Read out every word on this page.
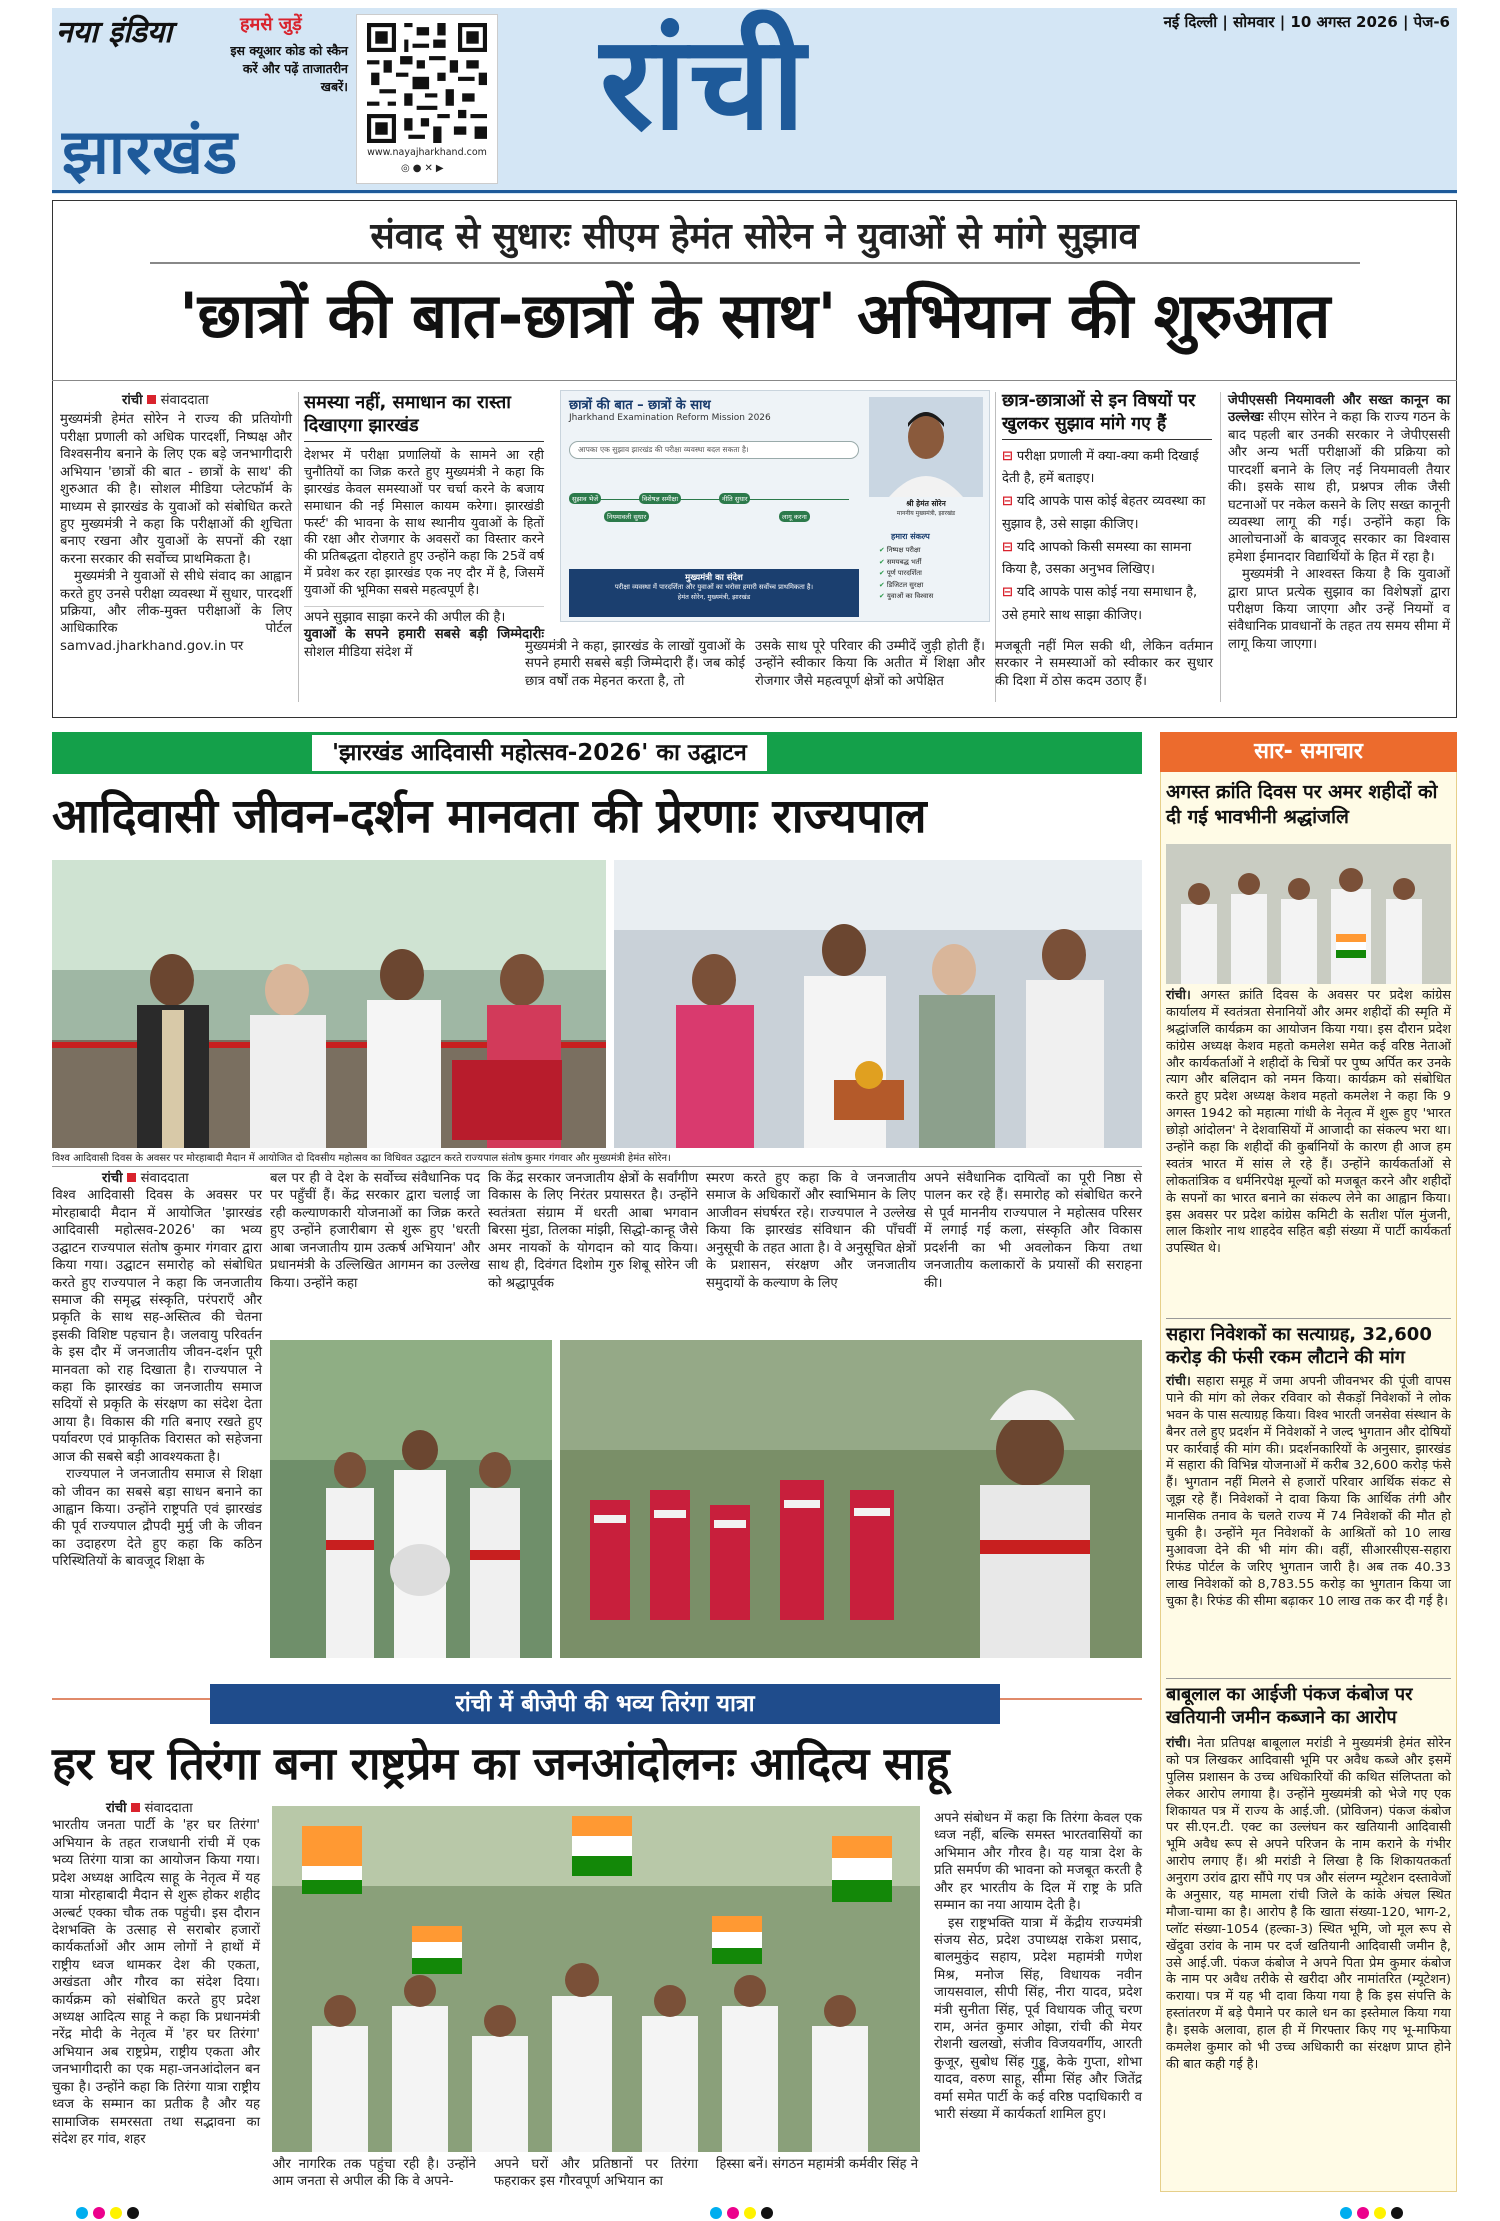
नया इंडिया
झारखंड
हमसे जुड़ें
इस क्यूआर कोड को स्कैन करें और पढ़ें ताजातरीन खबरें।
www.nayajharkhand.com
◎●✕▶
रांची	नई दिल्ली | सोमवार | 10 अगस्त 2026 | पेज-6
संवाद से सुधारः सीएम हेमंत सोरेन ने युवाओं से मांगे सुझाव
'छात्रों की बात-छात्रों के साथ' अभियान की शुरुआत
रांची संवाददाता
मुख्यमंत्री हेमंत सोरेन ने राज्य की प्रतियोगी परीक्षा प्रणाली को अधिक पारदर्शी, निष्पक्ष और विश्वसनीय बनाने के लिए एक बड़े जनभागीदारी अभियान 'छात्रों की बात - छात्रों के साथ' की शुरुआत की है। सोशल मीडिया प्लेटफॉर्म के माध्यम से झारखंड के युवाओं को संबोधित करते हुए मुख्यमंत्री ने कहा कि परीक्षाओं की शुचिता बनाए रखना और युवाओं के सपनों की रक्षा करना सरकार की सर्वोच्च प्राथमिकता है।
मुख्यमंत्री ने युवाओं से सीधे संवाद का आह्वान करते हुए उनसे परीक्षा व्यवस्था में सुधार, पारदर्शी प्रक्रिया, और लीक-मुक्त परीक्षाओं के लिए आधिकारिक पोर्टल samvad.jharkhand.gov.in पर
समस्या नहीं, समाधान का रास्ता दिखाएगा झारखंड
देशभर में परीक्षा प्रणालियों के सामने आ रही चुनौतियों का जिक्र करते हुए मुख्यमंत्री ने कहा कि झारखंड केवल समस्याओं पर चर्चा करने के बजाय समाधान की नई मिसाल कायम करेगा। झारखंडी फर्स्ट' की भावना के साथ स्थानीय युवाओं के हितों की रक्षा और रोजगार के अवसरों का विस्तार करने की प्रतिबद्धता दोहराते हुए उन्होंने कहा कि 25वें वर्ष में प्रवेश कर रहा झारखंड एक नए दौर में है, जिसमें युवाओं की भूमिका सबसे महत्वपूर्ण है।
अपने सुझाव साझा करने की अपील की है।
युवाओं के सपने हमारी सबसे बड़ी जिम्मेदारीः सोशल मीडिया संदेश में
छात्रों की बात – छात्रों के साथ
Jharkhand Examination Reform Mission 2026
आपका एक सुझाव झारखंड की परीक्षा व्यवस्था बदल सकता है।
सुझाव भेजें	विशेषज्ञ समीक्षा	नीति सुधार
नियमावली सुधार	लागू करना
मुख्यमंत्री का संदेश
परीक्षा व्यवस्था में पारदर्शिता और युवाओं का भरोसा हमारी सर्वोच्च प्राथमिकता है।
हेमंत सोरेन, मुख्यमंत्री, झारखंड
श्री हेमंत सोरेन
माननीय मुख्यमंत्री, झारखंड
हमारा संकल्प
✔ निष्पक्ष परीक्षा
✔ समयबद्ध भर्ती
✔ पूर्ण पारदर्शिता
✔ डिजिटल सुरक्षा
✔ युवाओं का विश्वास
मुख्यमंत्री ने कहा, झारखंड के लाखों युवाओं के सपने हमारी सबसे बड़ी जिम्मेदारी हैं। जब कोई छात्र वर्षों तक मेहनत करता है, तो
उसके साथ पूरे परिवार की उम्मीदें जुड़ी होती हैं। उन्होंने स्वीकार किया कि अतीत में शिक्षा और रोजगार जैसे महत्वपूर्ण क्षेत्रों को अपेक्षित
छात्र-छात्राओं से इन विषयों पर खुलकर सुझाव मांगे गए हैं
⊟ परीक्षा प्रणाली में क्या-क्या कमी दिखाई देती है, हमें बताइए।
⊟ यदि आपके पास कोई बेहतर व्यवस्था का सुझाव है, उसे साझा कीजिए।
⊟ यदि आपको किसी समस्या का सामना किया है, उसका अनुभव लिखिए।
⊟ यदि आपके पास कोई नया समाधान है, उसे हमारे साथ साझा कीजिए।
मजबूती नहीं मिल सकी थी, लेकिन वर्तमान सरकार ने समस्याओं को स्वीकार कर सुधार की दिशा में ठोस कदम उठाए हैं।
जेपीएससी नियमावली और सख्त कानून का उल्लेखः सीएम सोरेन ने कहा कि राज्य गठन के बाद पहली बार उनकी सरकार ने जेपीएससी और अन्य भर्ती परीक्षाओं की प्रक्रिया को पारदर्शी बनाने के लिए नई नियमावली तैयार की। इसके साथ ही, प्रश्नपत्र लीक जैसी घटनाओं पर नकेल कसने के लिए सख्त कानूनी व्यवस्था लागू की गई। उन्होंने कहा कि आलोचनाओं के बावजूद सरकार का विश्वास हमेशा ईमानदार विद्यार्थियों के हित में रहा है।
मुख्यमंत्री ने आश्वस्त किया है कि युवाओं द्वारा प्राप्त प्रत्येक सुझाव का विशेषज्ञों द्वारा परीक्षण किया जाएगा और उन्हें नियमों व संवैधानिक प्रावधानों के तहत तय समय सीमा में लागू किया जाएगा।
'झारखंड आदिवासी महोत्सव-2026' का उद्घाटन
आदिवासी जीवन-दर्शन मानवता की प्रेरणाः राज्यपाल
विश्व आदिवासी दिवस के अवसर पर मोरहाबादी मैदान में आयोजित दो दिवसीय महोत्सव का विधिवत उद्घाटन करते राज्यपाल संतोष कुमार गंगवार और मुख्यमंत्री हेमंत सोरेन।
रांची संवाददाता
विश्व आदिवासी दिवस के अवसर पर मोरहाबादी मैदान में आयोजित 'झारखंड आदिवासी महोत्सव-2026' का भव्य उद्घाटन राज्यपाल संतोष कुमार गंगवार द्वारा किया गया। उद्घाटन समारोह को संबोधित करते हुए राज्यपाल ने कहा कि जनजातीय समाज की समृद्ध संस्कृति, परंपराएँ और प्रकृति के साथ सह-अस्तित्व की चेतना इसकी विशिष्ट पहचान है। जलवायु परिवर्तन के इस दौर में जनजातीय जीवन-दर्शन पूरी मानवता को राह दिखाता है। राज्यपाल ने कहा कि झारखंड का जनजातीय समाज सदियों से प्रकृति के संरक्षण का संदेश देता आया है। विकास की गति बनाए रखते हुए पर्यावरण एवं प्राकृतिक विरासत को सहेजना आज की सबसे बड़ी आवश्यकता है।
राज्यपाल ने जनजातीय समाज से शिक्षा को जीवन का सबसे बड़ा साधन बनाने का आह्वान किया। उन्होंने राष्ट्रपति एवं झारखंड की पूर्व राज्यपाल द्रौपदी मुर्मु जी के जीवन का उदाहरण देते हुए कहा कि कठिन परिस्थितियों के बावजूद शिक्षा के
बल पर ही वे देश के सर्वोच्च संवैधानिक पद पर पहुँचीं हैं। केंद्र सरकार द्वारा चलाई जा रही कल्याणकारी योजनाओं का जिक्र करते हुए उन्होंने हजारीबाग से शुरू हुए 'धरती आबा जनजातीय ग्राम उत्कर्ष अभियान' और प्रधानमंत्री के उल्लिखित आगमन का उल्लेख किया। उन्होंने कहा
कि केंद्र सरकार जनजातीय क्षेत्रों के सर्वांगीण विकास के लिए निरंतर प्रयासरत है। उन्होंने स्वतंत्रता संग्राम में धरती आबा भगवान बिरसा मुंडा, तिलका मांझी, सिद्धो-कान्हू जैसे अमर नायकों के योगदान को याद किया। साथ ही, दिवंगत दिशोम गुरु शिबू सोरेन जी को श्रद्धापूर्वक
स्मरण करते हुए कहा कि वे जनजातीय समाज के अधिकारों और स्वाभिमान के लिए आजीवन संघर्षरत रहे। राज्यपाल ने उल्लेख किया कि झारखंड संविधान की पाँचवीं अनुसूची के तहत आता है। वे अनुसूचित क्षेत्रों के प्रशासन, संरक्षण और जनजातीय समुदायों के कल्याण के लिए
अपने संवैधानिक दायित्वों का पूरी निष्ठा से पालन कर रहे हैं। समारोह को संबोधित करने से पूर्व माननीय राज्यपाल ने महोत्सव परिसर में लगाई गई कला, संस्कृति और विकास प्रदर्शनी का भी अवलोकन किया तथा जनजातीय कलाकारों के प्रयासों की सराहना की।
रांची में बीजेपी की भव्य तिरंगा यात्रा
हर घर तिरंगा बना राष्ट्रप्रेम का जनआंदोलनः आदित्य साहू
रांची संवाददाता
भारतीय जनता पार्टी के 'हर घर तिरंगा' अभियान के तहत राजधानी रांची में एक भव्य तिरंगा यात्रा का आयोजन किया गया। प्रदेश अध्यक्ष आदित्य साहू के नेतृत्व में यह यात्रा मोरहाबादी मैदान से शुरू होकर शहीद अल्बर्ट एक्का चौक तक पहुंची। इस दौरान देशभक्ति के उत्साह से सराबोर हजारों कार्यकर्ताओं और आम लोगों ने हाथों में राष्ट्रीय ध्वज थामकर देश की एकता, अखंडता और गौरव का संदेश दिया। कार्यक्रम को संबोधित करते हुए प्रदेश अध्यक्ष आदित्य साहू ने कहा कि प्रधानमंत्री नरेंद्र मोदी के नेतृत्व में 'हर घर तिरंगा' अभियान अब राष्ट्रप्रेम, राष्ट्रीय एकता और जनभागीदारी का एक महा-जनआंदोलन बन चुका है। उन्होंने कहा कि तिरंगा यात्रा राष्ट्रीय ध्वज के सम्मान का प्रतीक है और यह सामाजिक समरसता तथा सद्भावना का संदेश हर गांव, शहर
और नागरिक तक पहुंचा रही है। उन्होंने आम जनता से अपील की कि वे अपने-
अपने घरों और प्रतिष्ठानों पर तिरंगा फहराकर इस गौरवपूर्ण अभियान का
हिस्सा बनें। संगठन महामंत्री कर्मवीर सिंह ने
अपने संबोधन में कहा कि तिरंगा केवल एक ध्वज नहीं, बल्कि समस्त भारतवासियों का अभिमान और गौरव है। यह यात्रा देश के प्रति समर्पण की भावना को मजबूत करती है और हर भारतीय के दिल में राष्ट्र के प्रति सम्मान का नया आयाम देती है।
इस राष्ट्रभक्ति यात्रा में केंद्रीय राज्यमंत्री संजय सेठ, प्रदेश उपाध्यक्ष राकेश प्रसाद, बालमुकुंद सहाय, प्रदेश महामंत्री गणेश मिश्र, मनोज सिंह, विधायक नवीन जायसवाल, सीपी सिंह, नीरा यादव, प्रदेश मंत्री सुनीता सिंह, पूर्व विधायक जीतू चरण राम, अनंत कुमार ओझा, रांची की मेयर रोशनी खलखो, संजीव विजयवर्गीय, आरती कुजूर, सुबोध सिंह गुड्डू, केके गुप्ता, शोभा यादव, वरुण साहू, सीमा सिंह और जितेंद्र वर्मा समेत पार्टी के कई वरिष्ठ पदाधिकारी व भारी संख्या में कार्यकर्ता शामिल हुए।
सार- समाचार
अगस्त क्रांति दिवस पर अमर शहीदों को दी गई भावभीनी श्रद्धांजलि
रांची। अगस्त क्रांति दिवस के अवसर पर प्रदेश कांग्रेस कार्यालय में स्वतंत्रता सेनानियों और अमर शहीदों की स्मृति में श्रद्धांजलि कार्यक्रम का आयोजन किया गया। इस दौरान प्रदेश कांग्रेस अध्यक्ष केशव महतो कमलेश समेत कई वरिष्ठ नेताओं और कार्यकर्ताओं ने शहीदों के चित्रों पर पुष्प अर्पित कर उनके त्याग और बलिदान को नमन किया। कार्यक्रम को संबोधित करते हुए प्रदेश अध्यक्ष केशव महतो कमलेश ने कहा कि 9 अगस्त 1942 को महात्मा गांधी के नेतृत्व में शुरू हुए 'भारत छोड़ो आंदोलन' ने देशवासियों में आजादी का संकल्प भरा था। उन्होंने कहा कि शहीदों की कुर्बानियों के कारण ही आज हम स्वतंत्र भारत में सांस ले रहे हैं। उन्होंने कार्यकर्ताओं से लोकतांत्रिक व धर्मनिरपेक्ष मूल्यों को मजबूत करने और शहीदों के सपनों का भारत बनाने का संकल्प लेने का आह्वान किया। इस अवसर पर प्रदेश कांग्रेस कमिटी के सतीश पॉल मुंजनी, लाल किशोर नाथ शाहदेव सहित बड़ी संख्या में पार्टी कार्यकर्ता उपस्थित थे।
सहारा निवेशकों का सत्याग्रह, 32,600 करोड़ की फंसी रकम लौटाने की मांग
रांची। सहारा समूह में जमा अपनी जीवनभर की पूंजी वापस पाने की मांग को लेकर रविवार को सैकड़ों निवेशकों ने लोक भवन के पास सत्याग्रह किया। विश्व भारती जनसेवा संस्थान के बैनर तले हुए प्रदर्शन में निवेशकों ने जल्द भुगतान और दोषियों पर कार्रवाई की मांग की। प्रदर्शनकारियों के अनुसार, झारखंड में सहारा की विभिन्न योजनाओं में करीब 32,600 करोड़ फंसे हैं। भुगतान नहीं मिलने से हजारों परिवार आर्थिक संकट से जूझ रहे हैं। निवेशकों ने दावा किया कि आर्थिक तंगी और मानसिक तनाव के चलते राज्य में 74 निवेशकों की मौत हो चुकी है। उन्होंने मृत निवेशकों के आश्रितों को 10 लाख मुआवजा देने की भी मांग की। वहीं, सीआरसीएस-सहारा रिफंड पोर्टल के जरिए भुगतान जारी है। अब तक 40.33 लाख निवेशकों को 8,783.55 करोड़ का भुगतान किया जा चुका है। रिफंड की सीमा बढ़ाकर 10 लाख तक कर दी गई है।
बाबूलाल का आईजी पंकज कंबोज पर खतियानी जमीन कब्जाने का आरोप
रांची। नेता प्रतिपक्ष बाबूलाल मरांडी ने मुख्यमंत्री हेमंत सोरेन को पत्र लिखकर आदिवासी भूमि पर अवैध कब्जे और इसमें पुलिस प्रशासन के उच्च अधिकारियों की कथित संलिप्तता को लेकर आरोप लगाया है। उन्होंने मुख्यमंत्री को भेजे गए एक शिकायत पत्र में राज्य के आई.जी. (प्रोविजन) पंकज कंबोज पर सी.एन.टी. एक्ट का उल्लंघन कर खतियानी आदिवासी भूमि अवैध रूप से अपने परिजन के नाम कराने के गंभीर आरोप लगाए हैं। श्री मरांडी ने लिखा है कि शिकायतकर्ता अनुराग उरांव द्वारा सौंपे गए पत्र और संलग्न म्यूटेशन दस्तावेजों के अनुसार, यह मामला रांची जिले के कांके अंचल स्थित मौजा-चामा का है। आरोप है कि खाता संख्या-120, भाग-2, प्लॉट संख्या-1054 (हल्का-3) स्थित भूमि, जो मूल रूप से खेंदुवा उरांव के नाम पर दर्ज खतियानी आदिवासी जमीन है, उसे आई.जी. पंकज कंबोज ने अपने पिता प्रेम कुमार कंबोज के नाम पर अवैध तरीके से खरीदा और नामांतरित (म्यूटेशन) कराया। पत्र में यह भी दावा किया गया है कि इस संपत्ति के हस्तांतरण में बड़े पैमाने पर काले धन का इस्तेमाल किया गया है। इसके अलावा, हाल ही में गिरफ्तार किए गए भू-माफिया कमलेश कुमार को भी उच्च अधिकारी का संरक्षण प्राप्त होने की बात कही गई है।
